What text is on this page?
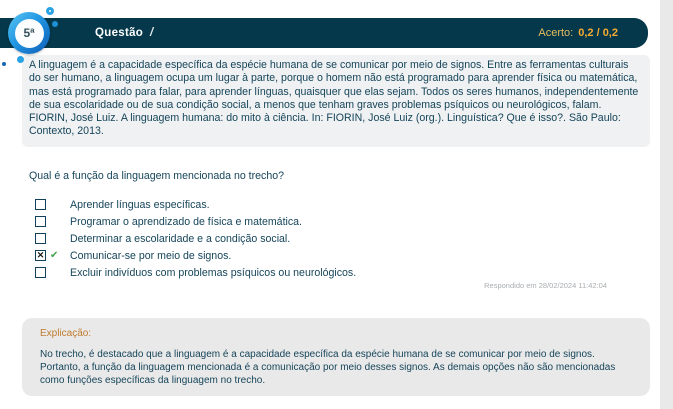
Questão /	Acerto: 0,2 / 0,2
5ª
A linguagem é a capacidade específica da espécie humana de se comunicar por meio de signos. Entre as ferramentas culturais do ser humano, a linguagem ocupa um lugar à parte, porque o homem não está programado para aprender física ou matemática, mas está programado para falar, para aprender línguas, quaisquer que elas sejam. Todos os seres humanos, independentemente de sua escolaridade ou de sua condição social, a menos que tenham graves problemas psíquicos ou neurológicos, falam. FIORIN, José Luiz. A linguagem humana: do mito à ciência. In: FIORIN, José Luiz (org.). Linguística? Que é isso?. São Paulo: Contexto, 2013.
Qual é a função da linguagem mencionada no trecho?
Aprender línguas específicas.
Programar o aprendizado de física e matemática.
Determinar a escolaridade e a condição social.
✕ ✔	Comunicar-se por meio de signos.
Excluir indivíduos com problemas psíquicos ou neurológicos.
Respondido em 28/02/2024 11:42:04
Explicação:
No trecho, é destacado que a linguagem é a capacidade específica da espécie humana de se comunicar por meio de signos. Portanto, a função da linguagem mencionada é a comunicação por meio desses signos. As demais opções não são mencionadas como funções específicas da linguagem no trecho.
